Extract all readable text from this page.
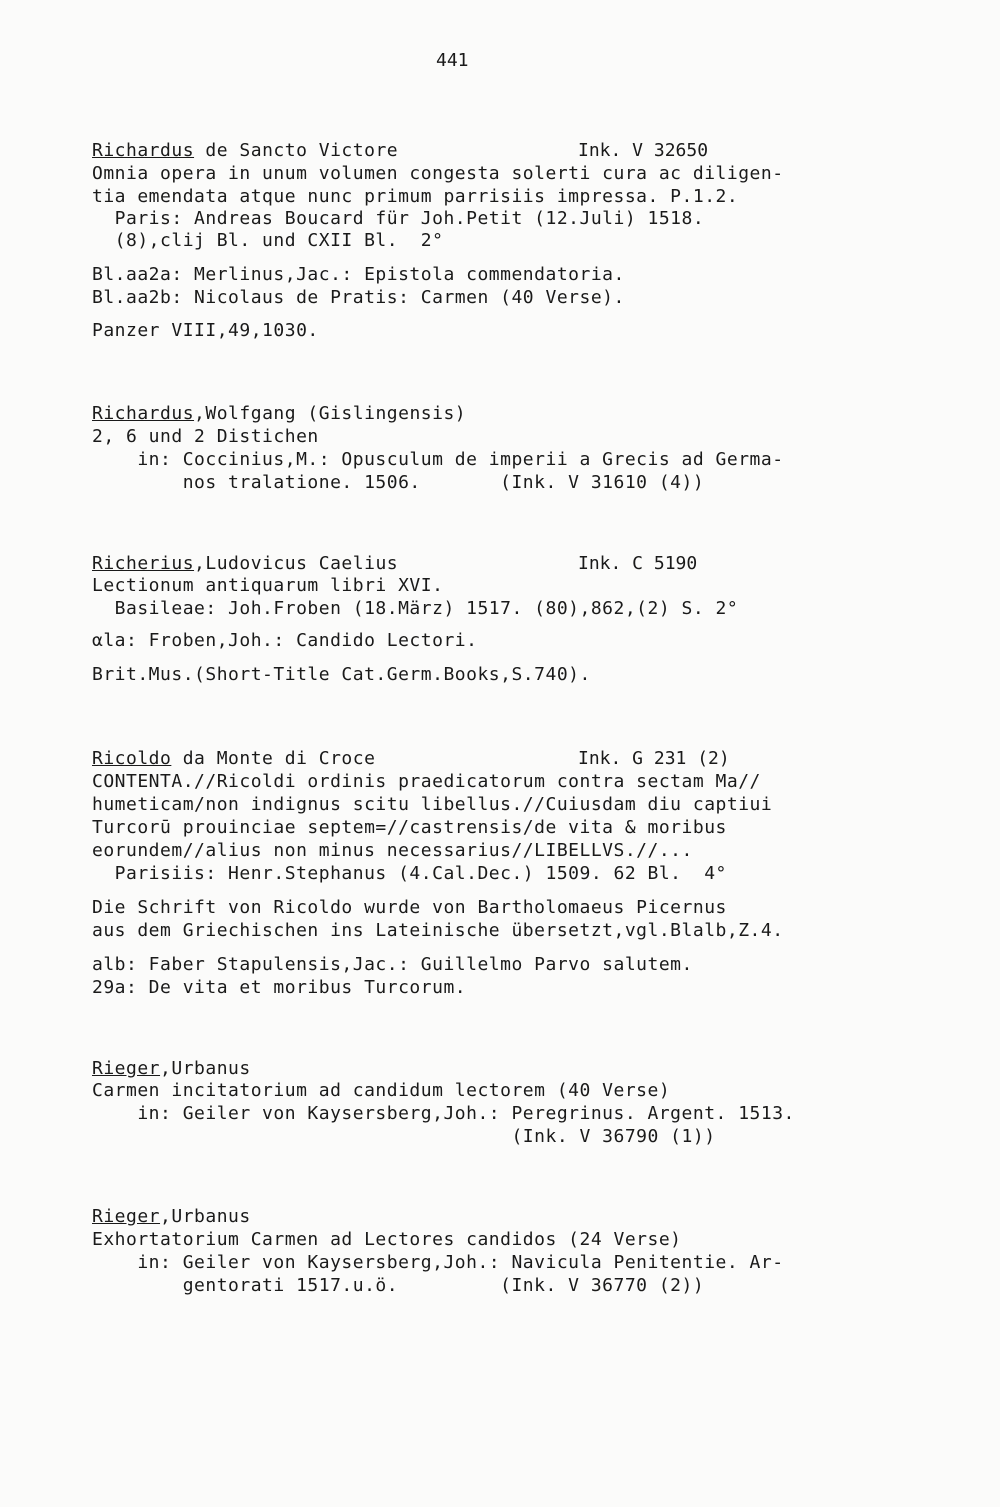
441
Richardus de Sancto Victore	Ink. V 32650
Omnia opera in unum volumen congesta solerti cura ac diligen-
tia emendata atque nunc primum parrisiis impressa. P.1.2.
Paris: Andreas Boucard für Joh.Petit (12.Juli) 1518.
(8),clij Bl. und CXII Bl.  2°
Bl.aa2a: Merlinus,Jac.: Epistola commendatoria.
Bl.aa2b: Nicolaus de Pratis: Carmen (40 Verse).
Panzer VIII,49,1030.
Richardus,Wolfgang (Gislingensis)
2, 6 und 2 Distichen
in: Coccinius,M.: Opusculum de imperii a Grecis ad Germa-
nos tralatione. 1506.       (Ink. V 31610 (4))
Richerius,Ludovicus Caelius	Ink. C 5190
Lectionum antiquarum libri XVI.
Basileae: Joh.Froben (18.März) 1517. (80),862,(2) S. 2°
αla: Froben,Joh.: Candido Lectori.
Brit.Mus.(Short-Title Cat.Germ.Books,S.740).
Ricoldo da Monte di Croce	Ink. G 231 (2)
CONTENTA.//Ricoldi ordinis praedicatorum contra sectam Ma//
humeticam/non indignus scitu libellus.//Cuiusdam diu captiui
Turcorū prouinciae septem=//castrensis/de vita & moribus
eorundem//alius non minus necessarius//LIBELLVS.//...
Parisiis: Henr.Stephanus (4.Cal.Dec.) 1509. 62 Bl.  4°
Die Schrift von Ricoldo wurde von Bartholomaeus Picernus
aus dem Griechischen ins Lateinische übersetzt,vgl.Blalb,Z.4.
alb: Faber Stapulensis,Jac.: Guillelmo Parvo salutem.
29a: De vita et moribus Turcorum.
Rieger,Urbanus
Carmen incitatorium ad candidum lectorem (40 Verse)
in: Geiler von Kaysersberg,Joh.: Peregrinus. Argent. 1513.
(Ink. V 36790 (1))
Rieger,Urbanus
Exhortatorium Carmen ad Lectores candidos (24 Verse)
in: Geiler von Kaysersberg,Joh.: Navicula Penitentie. Ar-
gentorati 1517.u.ö.         (Ink. V 36770 (2))
